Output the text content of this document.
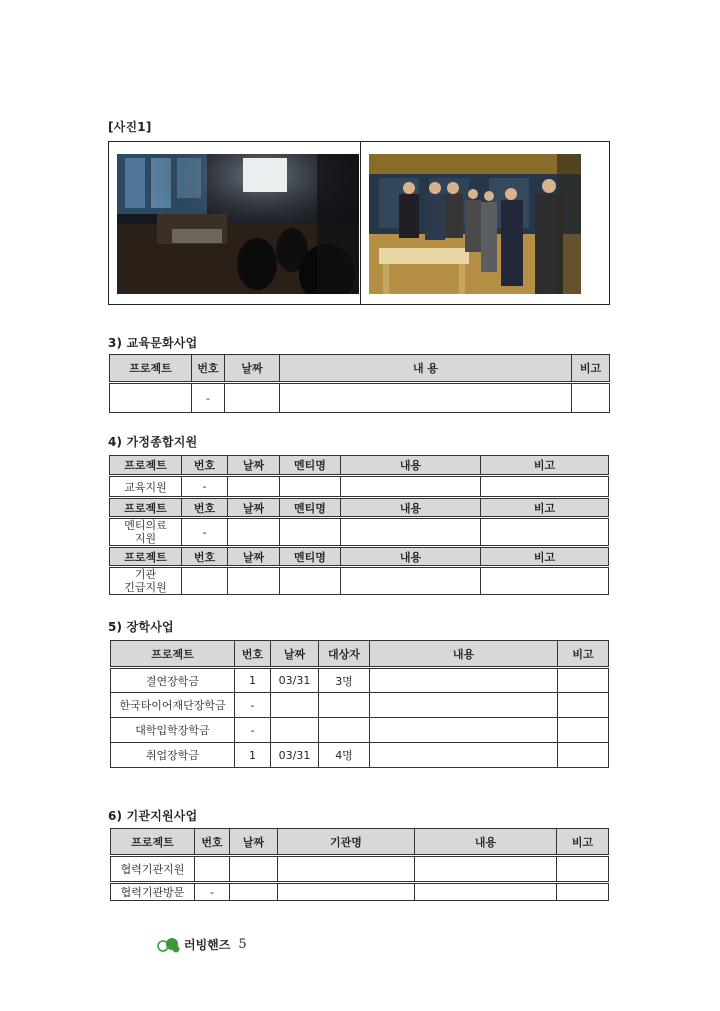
[사진1]
3) 교육문화사업
프로젝트	번호	날짜	내 용	비고
	-			
4) 가정종합지원
프로젝트	번호	날짜	멘티명	내용	비고
교육지원	-				
프로젝트	번호	날짜	멘티명	내용	비고
멘티의료
지원	-				
프로젝트	번호	날짜	멘티명	내용	비고
기관
긴급지원					
5) 장학사업
프로젝트	번호	날짜	대상자	내용	비고
결연장학금	1	03/31	3명		
한국타이어재단장학금	-				
대학입학장학금	-				
취업장학금	1	03/31	4명		
6) 기관지원사업
프로젝트	번호	날짜	기관명	내용	비고
협력기관지원					
협력기관방문	-				
러빙핸즈 5
